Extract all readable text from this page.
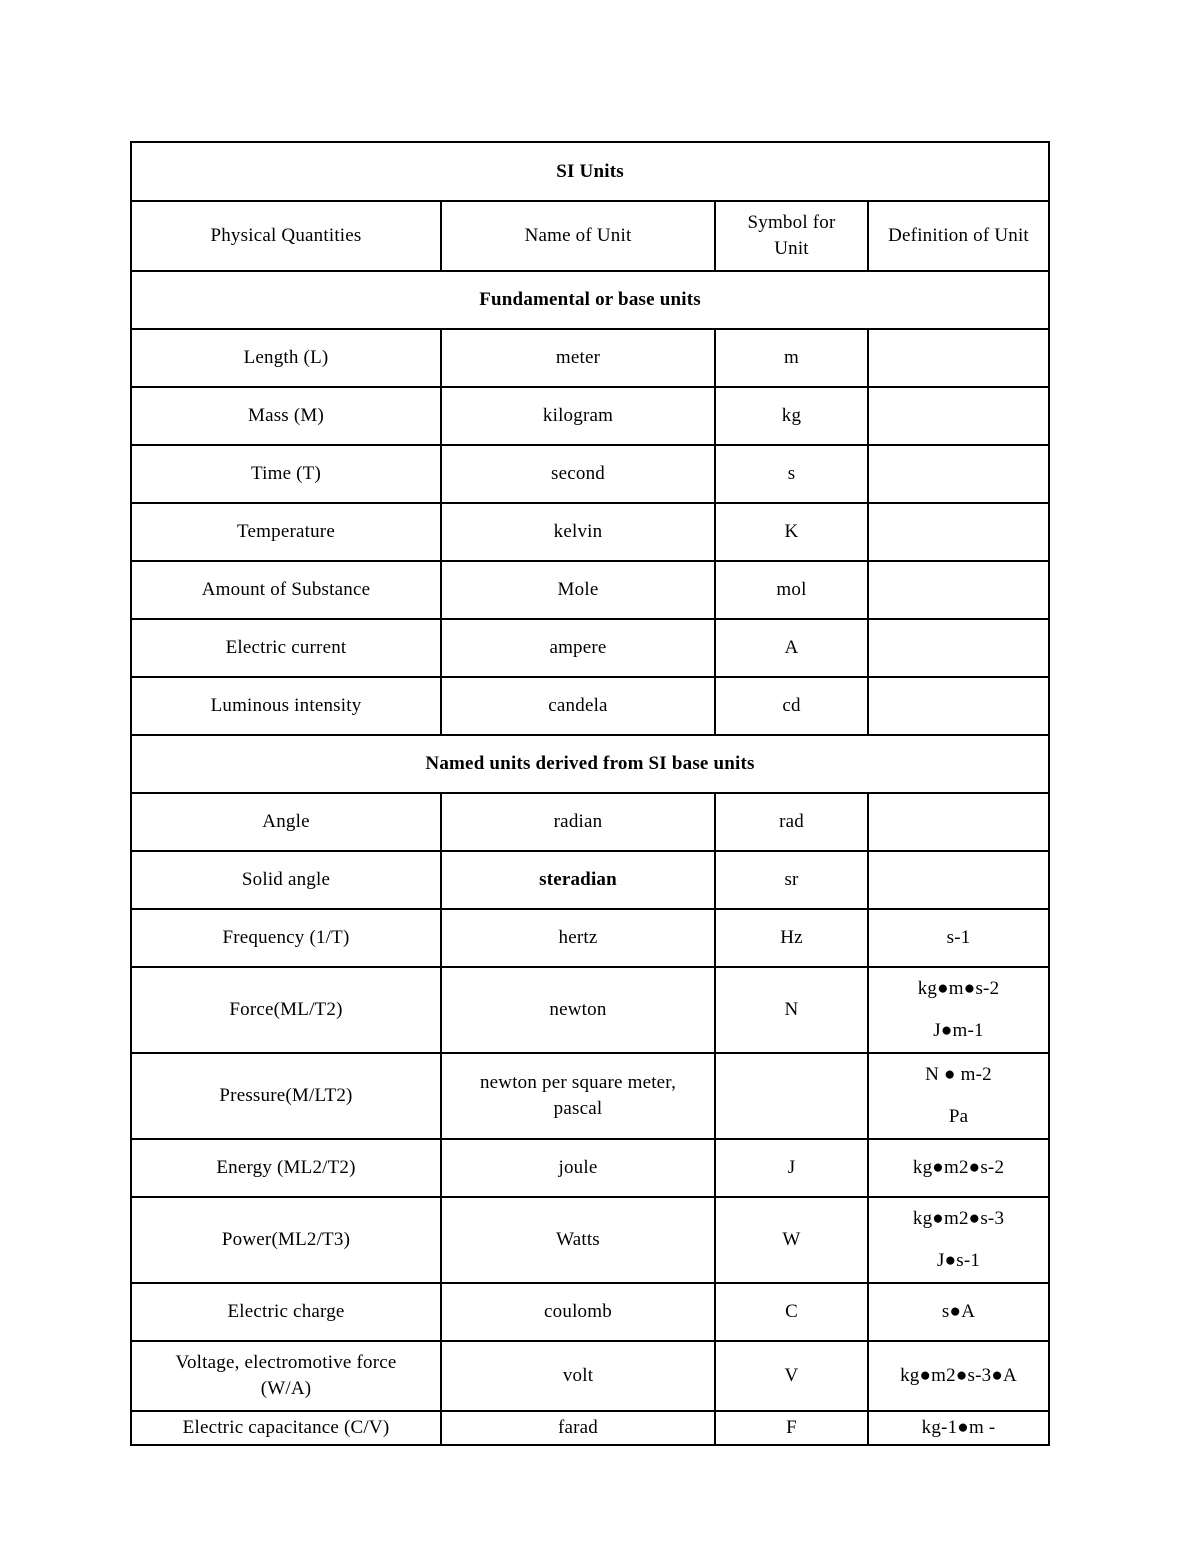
SI Units			
Physical Quantities	Name of Unit	Symbol for Unit	Definition of Unit
Fundamental or base units			
Length (L)	meter	m	
Mass (M)	kilogram	kg	
Time (T)	second	s	
Temperature	kelvin	K	
Amount of Substance	Mole	mol	
Electric current	ampere	A	
Luminous intensity	candela	cd	
Named units derived from SI base units			
Angle	radian	rad	
Solid angle	steradian	sr	
Frequency (1/T)	hertz	Hz	s-1
Force(ML/T2)	newton	N	kg●m●s-2
J●m-1

Pressure(M/LT2)	newton per square meter, pascal		N ● m-2
Pa

Energy (ML2/T2)	joule	J	kg●m2●s-2
Power(ML2/T3)	Watts	W	kg●m2●s-3
J●s-1

Electric charge	coulomb	C	s●A
Voltage, electromotive force (W/A)	volt	V	kg●m2●s-3●A
Electric capacitance (C/V)	farad	F	kg-1●m -
